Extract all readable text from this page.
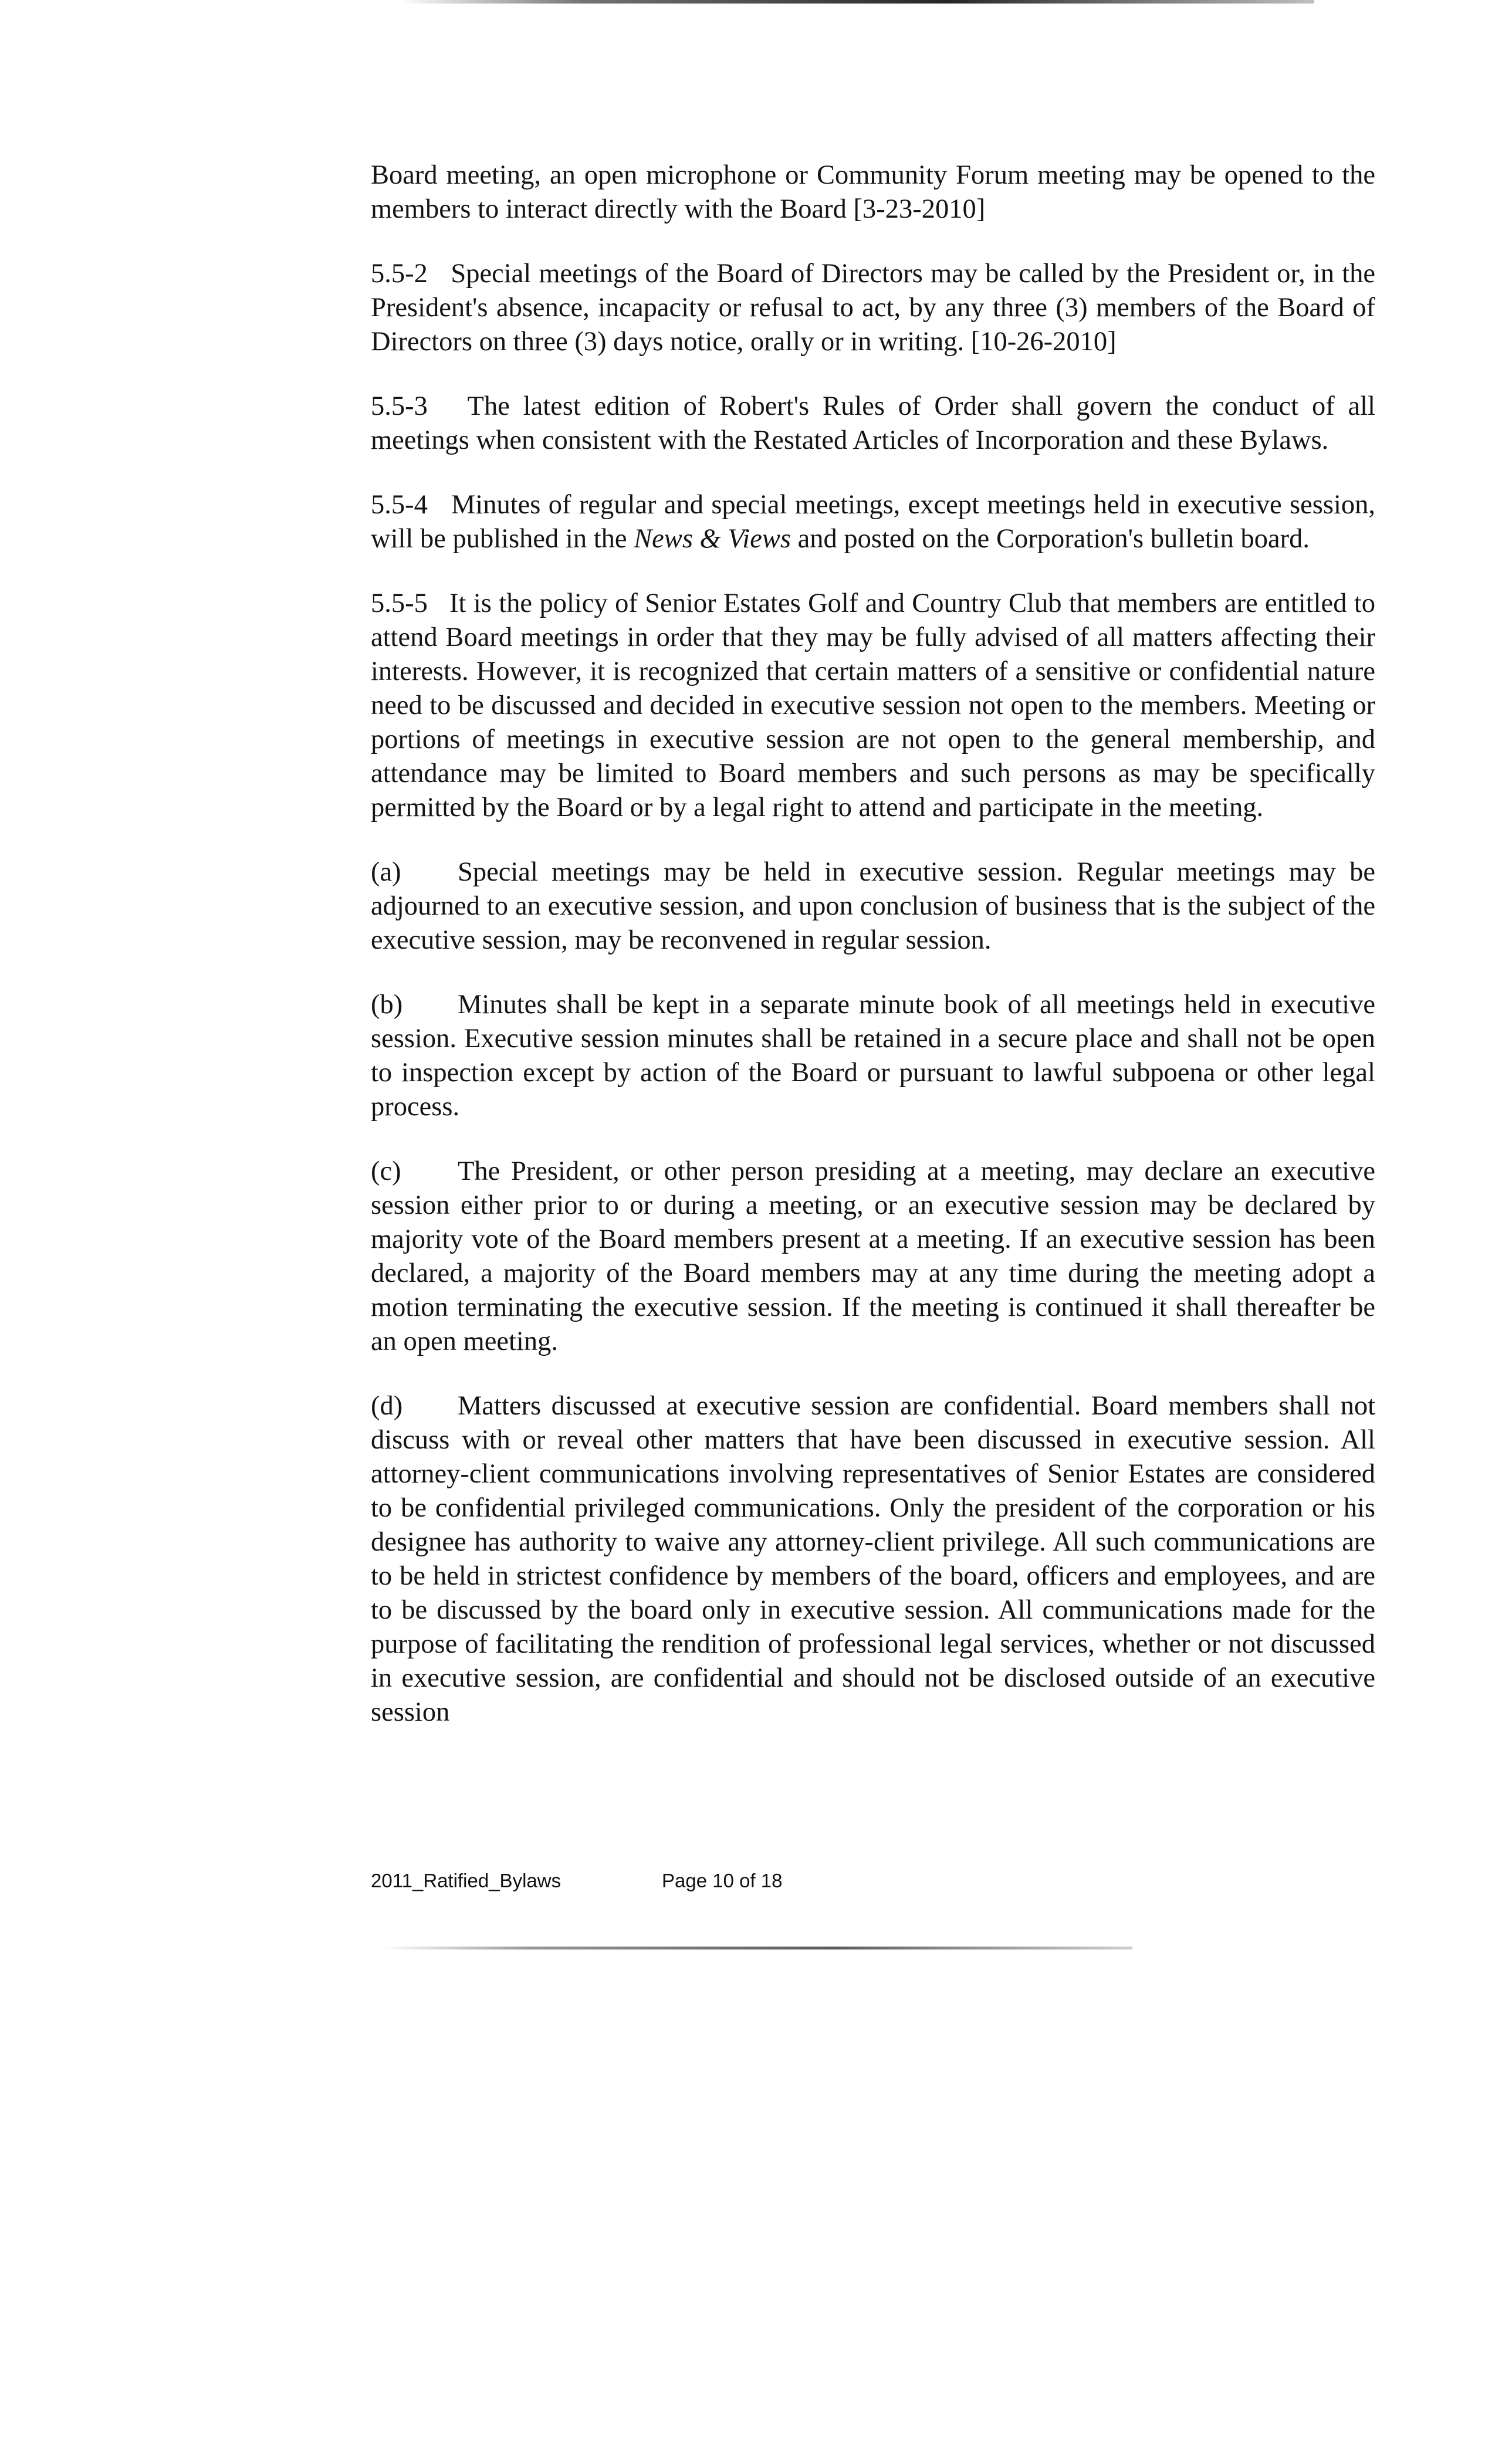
Board meeting, an open microphone or Community Forum meeting may be opened to the members to interact directly with the Board [3-23-2010]

5.5-2 Special meetings of the Board of Directors may be called by the President or, in the President's absence, incapacity or refusal to act, by any three (3) members of the Board of Directors on three (3) days notice, orally or in writing. [10-26-2010]

5.5-3 The latest edition of Robert's Rules of Order shall govern the conduct of all meetings when consistent with the Restated Articles of Incorporation and these Bylaws.

5.5-4 Minutes of regular and special meetings, except meetings held in executive session, will be published in the News & Views and posted on the Corporation's bulletin board.

5.5-5 It is the policy of Senior Estates Golf and Country Club that members are entitled to attend Board meetings in order that they may be fully advised of all matters affecting their interests. However, it is recognized that certain matters of a sensitive or confidential nature need to be discussed and decided in executive session not open to the members. Meeting or portions of meetings in executive session are not open to the general membership, and attendance may be limited to Board members and such persons as may be specifically permitted by the Board or by a legal right to attend and participate in the meeting.

(a) Special meetings may be held in executive session. Regular meetings may be adjourned to an executive session, and upon conclusion of business that is the subject of the executive session, may be reconvened in regular session.

(b) Minutes shall be kept in a separate minute book of all meetings held in executive session. Executive session minutes shall be retained in a secure place and shall not be open to inspection except by action of the Board or pursuant to lawful subpoena or other legal process.

(c) The President, or other person presiding at a meeting, may declare an executive session either prior to or during a meeting, or an executive session may be declared by majority vote of the Board members present at a meeting. If an executive session has been declared, a majority of the Board members may at any time during the meeting adopt a motion terminating the executive session. If the meeting is continued it shall thereafter be an open meeting.

(d) Matters discussed at executive session are confidential. Board members shall not discuss with or reveal other matters that have been discussed in executive session. All attorney-client communications involving representatives of Senior Estates are considered to be confidential privileged communications. Only the president of the corporation or his designee has authority to waive any attorney-client privilege. All such communications are to be held in strictest confidence by members of the board, officers and employees, and are to be discussed by the board only in executive session. All communications made for the purpose of facilitating the rendition of professional legal services, whether or not discussed in executive session, are confidential and should not be disclosed outside of an executive session

2011_Ratified_Bylaws	Page 10 of 18
